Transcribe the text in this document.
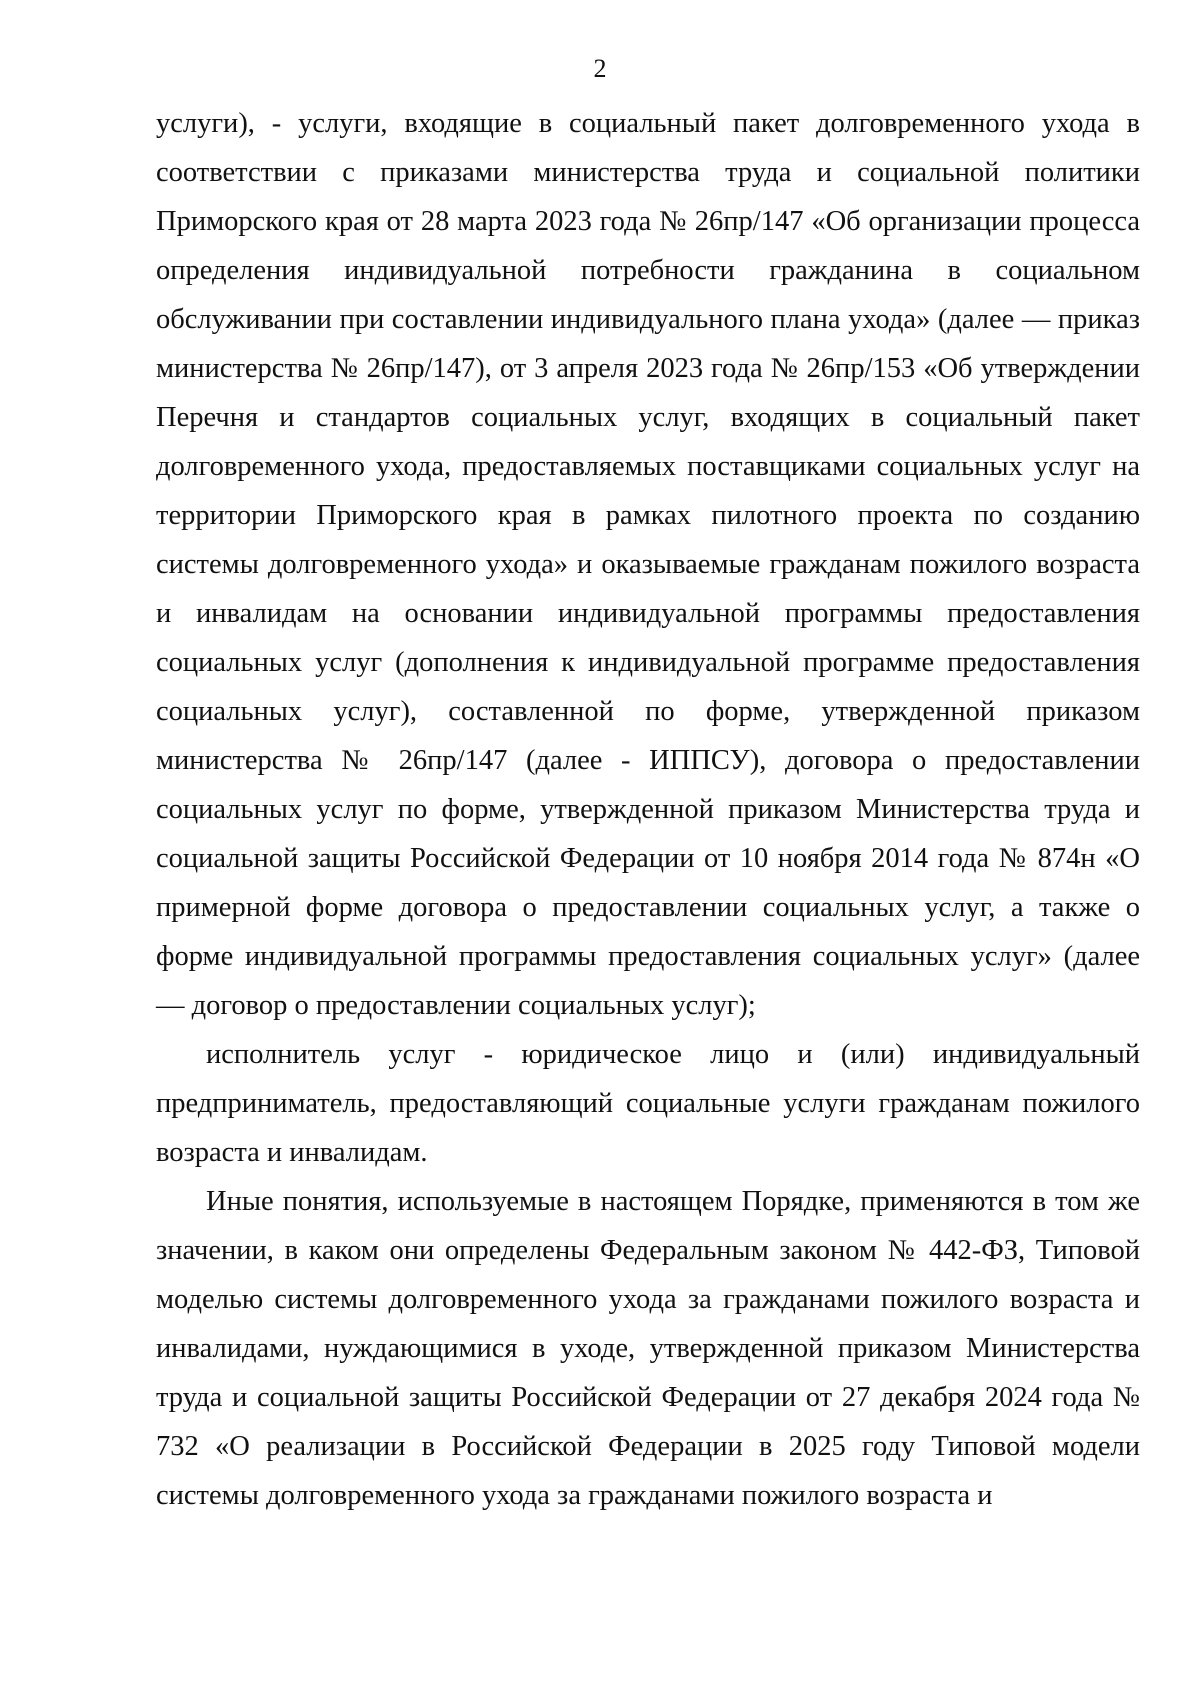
2

услуги), - услуги, входящие в социальный пакет долговременного ухода в соответствии с приказами министерства труда и социальной политики Приморского края от 28 марта 2023 года № 26пр/147 «Об организации процесса определения индивидуальной потребности гражданина в социальном обслуживании при составлении индивидуального плана ухода» (далее — приказ министерства № 26пр/147), от 3 апреля 2023 года № 26пр/153 «Об утверждении Перечня и стандартов социальных услуг, входящих в социальный пакет долговременного ухода, предоставляемых поставщиками социальных услуг на территории Приморского края в рамках пилотного проекта по созданию системы долговременного ухода» и оказываемые гражданам пожилого возраста и инвалидам на основании индивидуальной программы предоставления социальных услуг (дополнения к индивидуальной программе предоставления социальных услуг), составленной по форме, утвержденной приказом министерства № 26пр/147 (далее - ИППСУ), договора о предоставлении социальных услуг по форме, утвержденной приказом Министерства труда и социальной защиты Российской Федерации от 10 ноября 2014 года № 874н «О примерной форме договора о предоставлении социальных услуг, а также о форме индивидуальной программы предоставления социальных услуг» (далее — договор о предоставлении социальных услуг);

исполнитель услуг - юридическое лицо и (или) индивидуальный предприниматель, предоставляющий социальные услуги гражданам пожилого возраста и инвалидам.

Иные понятия, используемые в настоящем Порядке, применяются в том же значении, в каком они определены Федеральным законом № 442-ФЗ, Типовой моделью системы долговременного ухода за гражданами пожилого возраста и инвалидами, нуждающимися в уходе, утвержденной приказом Министерства труда и социальной защиты Российской Федерации от 27 декабря 2024 года № 732 «О реализации в Российской Федерации в 2025 году Типовой модели системы долговременного ухода за гражданами пожилого возраста и
